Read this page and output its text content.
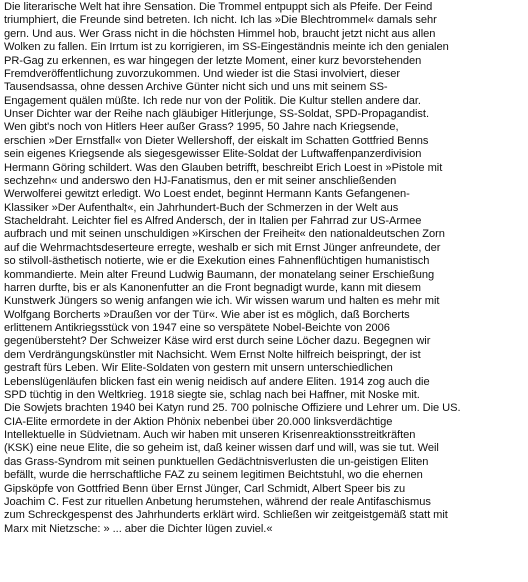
Die literarische Welt hat ihre Sensation. Die Trommel entpuppt sich als Pfeife. Der Feind
triumphiert, die Freunde sind betreten. Ich nicht. Ich las »Die Blechtrommel« damals sehr
gern. Und aus. Wer Grass nicht in die höchsten Himmel hob, braucht jetzt nicht aus allen
Wolken zu fallen. Ein Irrtum ist zu korrigieren, im SS-Eingeständnis meinte ich den genialen
PR-Gag zu erkennen, es war hingegen der letzte Moment, einer kurz bevorstehenden
Fremdveröffentlichung zuvorzukommen. Und wieder ist die Stasi involviert, dieser
Tausendsassa, ohne dessen Archive Günter nicht sich und uns mit seinem SS-
Engagement quälen müßte. Ich rede nur von der Politik. Die Kultur stellen andere dar.
Unser Dichter war der Reihe nach gläubiger Hitlerjunge, SS-Soldat, SPD-Propagandist.
Wen gibt's noch von Hitlers Heer außer Grass? 1995, 50 Jahre nach Kriegsende,
erschien »Der Ernstfall« von Dieter Wellershoff, der eiskalt im Schatten Gottfried Benns
sein eigenes Kriegsende als siegesgewisser Elite-Soldat der Luftwaffenpanzerdivision
Hermann Göring schildert. Was den Glauben betrifft, beschreibt Erich Loest in »Pistole mit
sechzehn« und anderswo den HJ-Fanatismus, den er mit seiner anschließenden
Werwolferei gewitzt erledigt. Wo Loest endet, beginnt Hermann Kants Gefangenen-
Klassiker »Der Aufenthalt«, ein Jahrhundert-Buch der Schmerzen in der Welt aus
Stacheldraht. Leichter fiel es Alfred Andersch, der in Italien per Fahrrad zur US-Armee
aufbrach und mit seinen unschuldigen »Kirschen der Freiheit« den nationaldeutschen Zorn
auf die Wehrmachtsdeserteure erregte, weshalb er sich mit Ernst Jünger anfreundete, der
so stilvoll-ästhetisch notierte, wie er die Exekution eines Fahnenflüchtigen humanistisch
kommandierte. Mein alter Freund Ludwig Baumann, der monatelang seiner Erschießung
harren durfte, bis er als Kanonenfutter an die Front begnadigt wurde, kann mit diesem
Kunstwerk Jüngers so wenig anfangen wie ich. Wir wissen warum und halten es mehr mit
Wolfgang Borcherts »Draußen vor der Tür«. Wie aber ist es möglich, daß Borcherts
erlittenem Antikriegsstück von 1947 eine so verspätete Nobel-Beichte von 2006
gegenübersteht? Der Schweizer Käse wird erst durch seine Löcher dazu. Begegnen wir
dem Verdrängungskünstler mit Nachsicht. Wem Ernst Nolte hilfreich beispringt, der ist
gestraft fürs Leben. Wir Elite-Soldaten von gestern mit unsern unterschiedlichen
Lebenslügenläufen blicken fast ein wenig neidisch auf andere Eliten. 1914 zog auch die
SPD tüchtig in den Weltkrieg. 1918 siegte sie, schlag nach bei Haffner, mit Noske mit.
Die Sowjets brachten 1940 bei Katyn rund 25. 700 polnische Offiziere und Lehrer um. Die US.
CIA-Elite ermordete in der Aktion Phönix nebenbei über 20.000 linksverdächtige
Intellektuelle in Südvietnam. Auch wir haben mit unseren Krisenreaktionsstreitkräften
(KSK) eine neue Elite, die so geheim ist, daß keiner wissen darf und will, was sie tut. Weil
das Grass-Syndrom mit seinen punktuellen Gedächtnisverlusten die un-geistigen Eliten
befällt, wurde die herrschaftliche FAZ zu seinem legitimen Beichtstuhl, wo die ehernen
Gipsköpfe von Gottfried Benn über Ernst Jünger, Carl Schmidt, Albert Speer bis zu
Joachim C. Fest zur rituellen Anbetung herumstehen, während der reale Antifaschismus
zum Schreckgespenst des Jahrhunderts erklärt wird. Schließen wir zeitgeistgemäß statt mit
Marx mit Nietzsche: » ... aber die Dichter lügen zuviel.«
